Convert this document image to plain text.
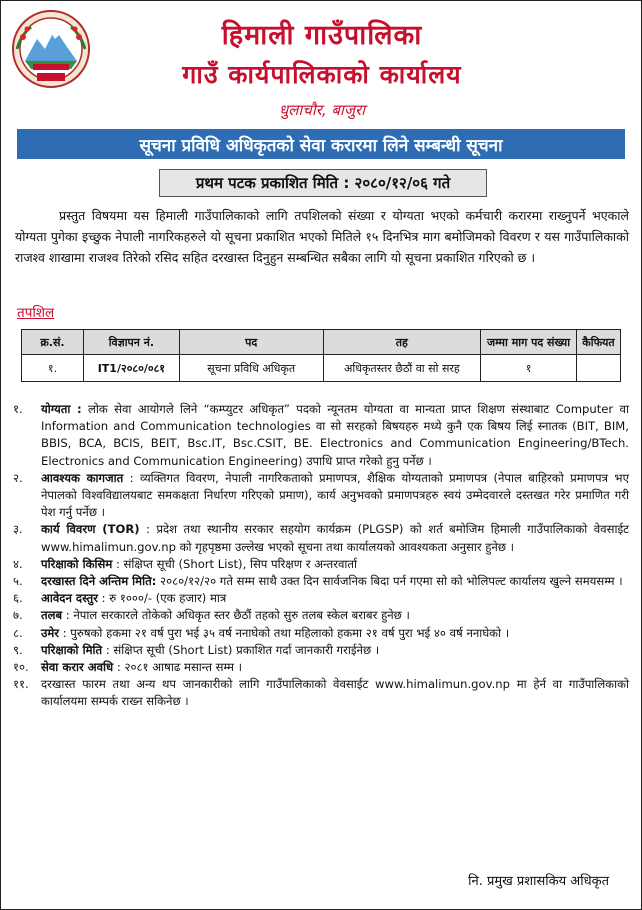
हिमाली गाउँपालिका
गाउँ कार्यपालिकाको कार्यालय
धुलाचौर, बाजुरा
सूचना प्रविधि अधिकृतको सेवा करारमा लिने सम्बन्धी सूचना
प्रथम पटक प्रकाशित मिति : २०८०/१२/०६ गते

प्रस्तुत विषयमा यस हिमाली गाउँपालिकाको लागि तपशिलको संख्या र योग्यता भएको कर्मचारी करारमा राख्नुपर्ने भएकाले योग्यता पुगेका इच्छुक नेपाली नागरिकहरुले यो सूचना प्रकाशित भएको मितिले १५ दिनभित्र माग बमोजिमको विवरण र यस गाउँपालिकाको राजश्व शाखामा राजश्व तिरेको रसिद सहित दरखास्त दिनुहुन सम्बन्धित सबैका लागि यो सूचना प्रकाशित गरिएको छ ।

तपशिल
क्र.सं.	विज्ञापन नं.	पद	तह	जम्मा माग पद संख्या	कैफियत
१.	IT1/२०८०/०८१	सूचना प्रविधि अधिकृत	अधिकृतस्तर छैठौं वा सो सरह	१	
१.	योग्यता : लोक सेवा आयोगले लिने “कम्प्युटर अधिकृत” पदको न्यूनतम योग्यता वा मान्यता प्राप्त शिक्षण संस्थाबाट Computer वा Information and Communication technologies वा सो सरहको बिषयहरु मध्ये कुनै एक बिषय लिई स्नातक (BIT, BIM, BBIS, BCA, BCIS, BEIT, Bsc.IT, Bsc.CSIT, BE. Electronics and Communication Engineering/BTech. Electronics and Communication Engineering) उपाधि प्राप्त गरेको हुनु पर्नेछ ।
२.	आवश्यक कागजात : व्यक्तिगत विवरण, नेपाली नागरिकताको प्रमाणपत्र, शैक्षिक योग्यताको प्रमाणपत्र (नेपाल बाहिरको प्रमाणपत्र भए नेपालको विश्वविद्यालयबाट समकक्षता निर्धारण गरिएको प्रमाण), कार्य अनुभवको प्रमाणपत्रहरु स्वयं उम्मेदवारले दस्तखत गरेर प्रमाणित गरी पेश गर्नु पर्नेछ ।
३.	कार्य विवरण (TOR) : प्रदेश तथा स्थानीय सरकार सहयोग कार्यक्रम (PLGSP) को शर्त बमोजिम हिमाली गाउँपालिकाको वेवसाईट www.himalimun.gov.np को गृहपृष्ठमा उल्लेख भएको सूचना तथा कार्यालयको आवश्यकता अनुसार हुनेछ ।
४.	परिक्षाको किसिम : संक्षिप्त सूची (Short List), सिप परिक्षण र अन्तरवार्ता
५.	दरखास्त दिने अन्तिम मिति: २०८०/१२/२० गते सम्म साथै उक्त दिन सार्वजनिक बिदा पर्न गएमा सो को भोलिपल्ट कार्यालय खुल्ने समयसम्म ।
६.	आवेदन दस्तुर : रु १०००/- (एक हजार) मात्र
७.	तलब : नेपाल सरकारले तोकेको अधिकृत स्तर छैठौं तहको सुरु तलब स्केल बराबर हुनेछ ।
८.	उमेर : पुरुषको हकमा २१ वर्ष पुरा भई ३५ वर्ष ननाघेको तथा महिलाको हकमा २१ वर्ष पुरा भई ४० वर्ष ननाघेको ।
९.	परिक्षाको मिति : संक्षिप्त सूची (Short List) प्रकाशित गर्दा जानकारी गराईनेछ ।
१०.	सेवा करार अवधि : २०८१ आषाढ मसान्त सम्म ।
११.	दरखास्त फारम तथा अन्य थप जानकारीको लागि गाउँपालिकाको वेवसाईट www.himalimun.gov.np मा हेर्न वा गाउँपालिकाको कार्यालयमा सम्पर्क राख्न सकिनेछ ।
नि. प्रमुख प्रशासकिय अधिकृत
